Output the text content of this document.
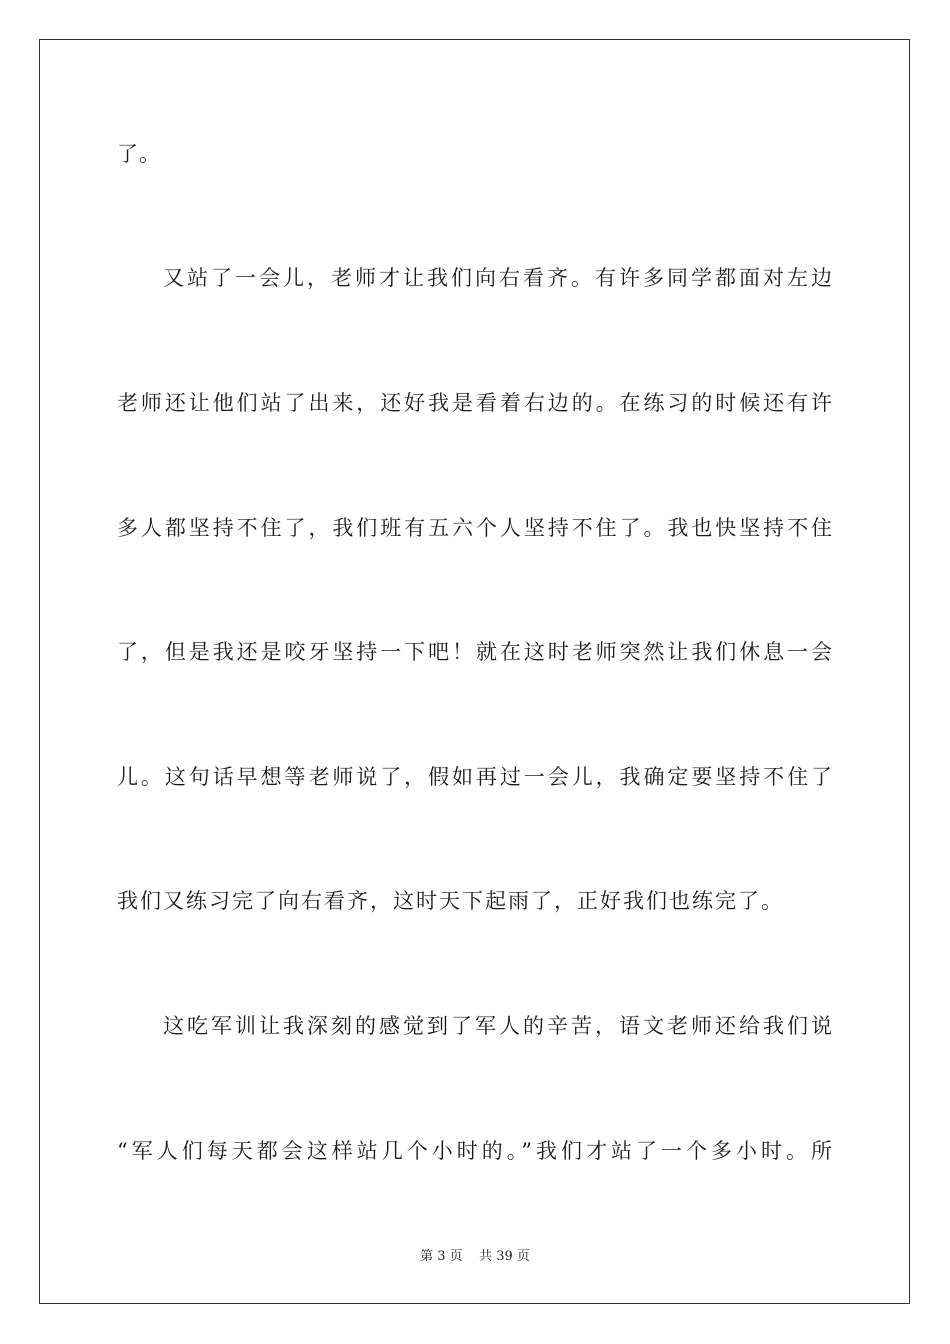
了。
又站了一会儿，老师才让我们向右看齐。有许多同学都面对左边
老师还让他们站了出来，还好我是看着右边的。在练习的时候还有许
多人都坚持不住了，我们班有五六个人坚持不住了。我也快坚持不住
了，但是我还是咬牙坚持一下吧！就在这时老师突然让我们休息一会
儿。这句话早想等老师说了，假如再过一会儿，我确定要坚持不住了
我们又练习完了向右看齐，这时天下起雨了，正好我们也练完了。
这吃军训让我深刻的感觉到了军人的辛苦，语文老师还给我们说
“军人们每天都会这样站几个小时的。”我们才站了一个多小时。所
第 3 页    共 39 页
